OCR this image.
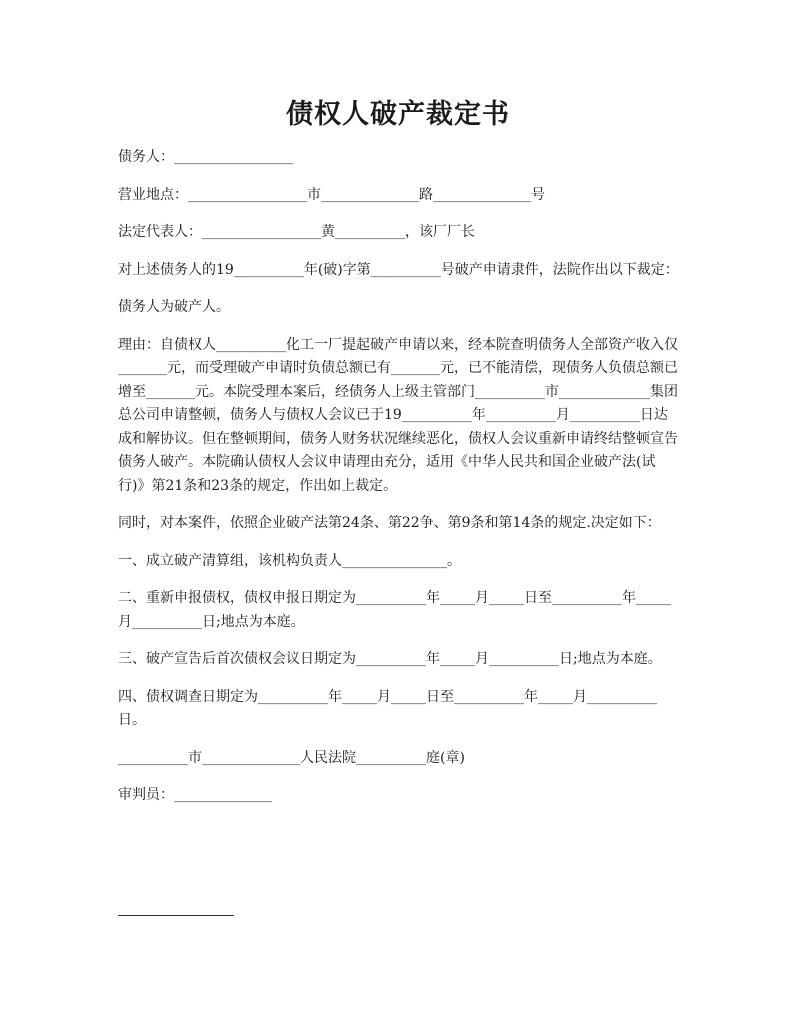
债权人破产裁定书

债务人：_________________

营业地点：_________________市______________路______________号

法定代表人：_________________黄__________，该厂厂长

对上述债务人的19__________年(破)字第__________号破产申请隶件，法院作出以下裁定：

债务人为破产人。

理由：自债权人__________化工一厂提起破产申请以来，经本院查明债务人全部资产收入仅_______元，而受理破产申请时负债总额已有_______元，已不能清偿，现债务人负债总额已增至_______元。本院受理本案后，经债务人上级主管部门__________市_____________集团总公司申请整顿，债务人与债权人会议已于19__________年__________月__________日达成和解协议。但在整顿期间，债务人财务状况继续恶化，债权人会议重新申请终结整顿宣告债务人破产。本院确认债权人会议申请理由充分，适用《中华人民共和国企业破产法(试行)》第21条和23条的规定，作出如上裁定。

同时，对本案件，依照企业破产法第24条、第22争、第9条和第14条的规定.决定如下：

一、成立破产清算组，该机构负责人_______________。

二、重新申报债权，债权申报日期定为__________年_____月_____日至__________年_____月__________日;地点为本庭。

三、破产宣告后首次债权会议日期定为__________年_____月__________日;地点为本庭。

四、债权调查日期定为__________年_____月_____日至__________年_____月__________日。

__________市______________人民法院__________庭(章)

审判员：______________
